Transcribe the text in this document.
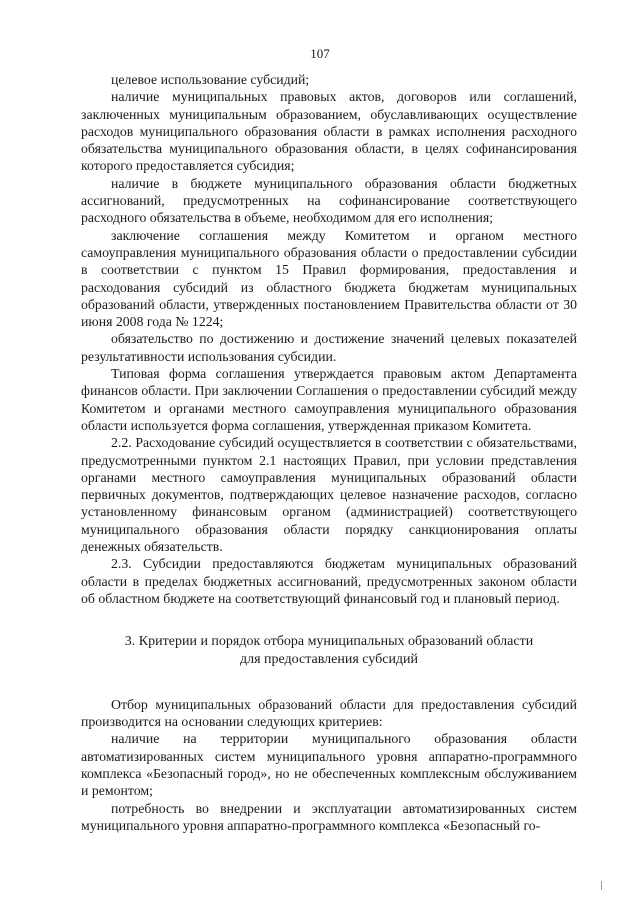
107

целевое использование субсидий;

наличие муниципальных правовых актов, договоров или соглашений, заключенных муниципальным образованием, обуславливающих осуществление расходов муниципального образования области в рамках исполнения расходного обязательства муниципального образования области, в целях софинансирования которого предоставляется субсидия;

наличие в бюджете муниципального образования области бюджетных ассигнований, предусмотренных на софинансирование соответствующего расходного обязательства в объеме, необходимом для его исполнения;

заключение соглашения между Комитетом и органом местного самоуправления муниципального образования области о предоставлении субсидии в соответствии с пунктом 15 Правил формирования, предоставления и расходования субсидий из областного бюджета бюджетам муниципальных образований области, утвержденных постановлением Правительства области от 30 июня 2008 года № 1224;

обязательство по достижению и достижение значений целевых показателей результативности использования субсидии.

Типовая форма соглашения утверждается правовым актом Департамента финансов области. При заключении Соглашения о предоставлении субсидий между Комитетом и органами местного самоуправления муниципального образования области используется форма соглашения, утвержденная приказом Комитета.

2.2. Расходование субсидий осуществляется в соответствии с обязательствами, предусмотренными пунктом 2.1 настоящих Правил, при условии представления органами местного самоуправления муниципальных образований области первичных документов, подтверждающих целевое назначение расходов, согласно установленному финансовым органом (администрацией) соответствующего муниципального образования области порядку санкционирования оплаты денежных обязательств.

2.3. Субсидии предоставляются бюджетам муниципальных образований области в пределах бюджетных ассигнований, предусмотренных законом области об областном бюджете на соответствующий финансовый год и плановый период.

3. Критерии и порядок отбора муниципальных образований области
для предоставления субсидий

Отбор муниципальных образований области для предоставления субсидий производится на основании следующих критериев:

наличие на территории муниципального образования области автоматизированных систем муниципального уровня аппаратно-программного комплекса «Безопасный город», но не обеспеченных комплексным обслуживанием и ремонтом;

потребность во внедрении и эксплуатации автоматизированных систем муниципального уровня аппаратно-программного комплекса «Безопасный го-
